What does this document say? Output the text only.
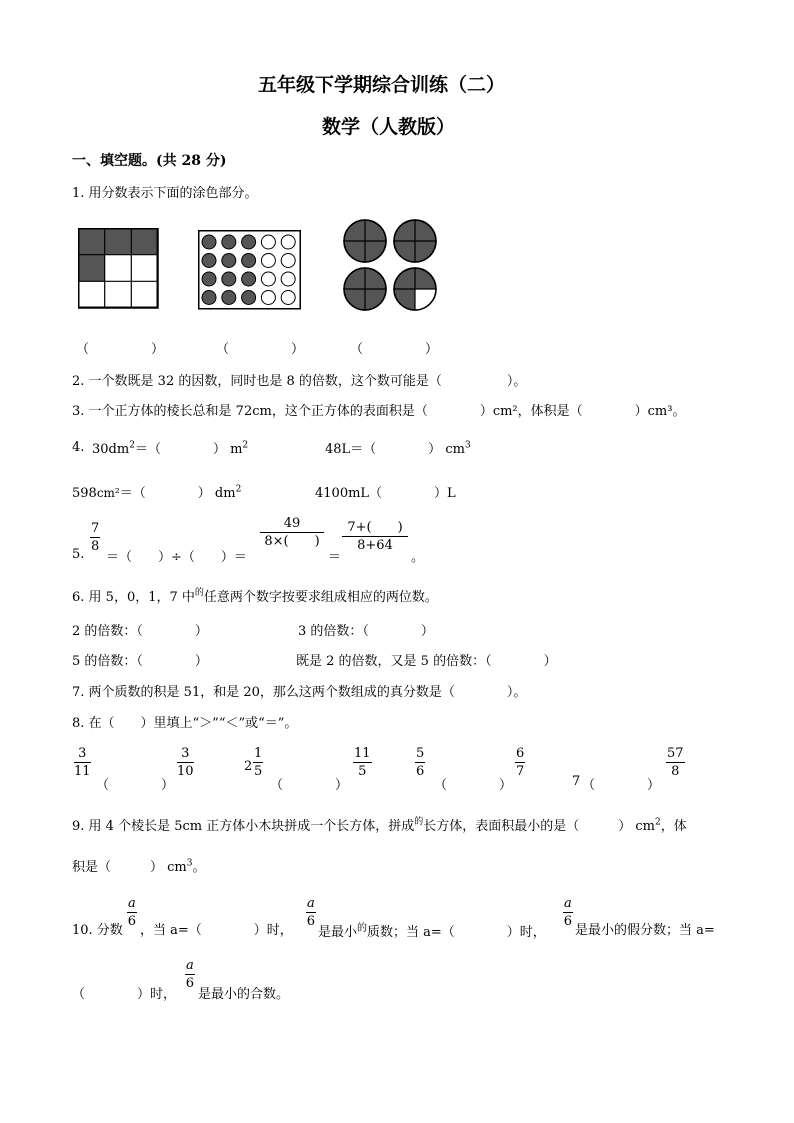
五年级下学期综合训练（二）
数学（人教版）
一、填空题。(共 28 分)
1. 用分数表示下面的涂色部分。
（	）	（	）	（	）
2. 一个数既是 32 的因数，同时也是 8 的倍数，这个数可能是（　　　　　）。
3. 一个正方体的棱长总和是 72cm，这个正方体的表面积是（　　　　）cm²，体积是（　　　　）cm³。
4. $30dm^2=$（　　　　） $m^2$	48L＝（　　　　） $cm^3$
598cm²＝（　　　　） $dm^2$	4100mL（　　　　）L
5.
$\frac{7}{8}$
＝（　　）÷（　　）＝
$\frac{49}{8\times( )}$
＝
$\frac{7+( )}{8+64}$
。
6. 用 5，0，1，7 中$^的$任意两个数字按要求组成相应的两位数。
2 的倍数：（　　　　）	3 的倍数：（　　　　）
5 的倍数：（　　　　）	既是 2 的倍数，又是 5 的倍数：（　　　　）
7. 两个质数的积是 51，和是 20，那么这两个数组成的真分数是（　　　　）。
8. 在（　　）里填上“＞”“＜”或“＝”。
$\frac{3}{11}$
（　　　　）
$\frac{3}{10}$	$2 \frac{1}{5}$
（　　　　）
$\frac{11}{5}$	$\frac{5}{6}$
（　　　　）
$\frac{6}{7}$
7 （　　　　）
$\frac{57}{8}$
9. 用 4 个棱长是 5cm 正方体小木块拼成一个长方体，拼成$^的$长方体，表面积最小的是（　　　） $cm^2$，体
积是（　　　） $cm^3$。
10. 分数
$\frac{a}{6}$
，当 a=（　　　　）时，
$\frac{a}{6}$
是最小$^的$质数；当 a=（　　　　）时，
$\frac{a}{6}$
是最小的假分数；当 a=
（　　　　）时，
$\frac{a}{6}$
是最小的合数。
